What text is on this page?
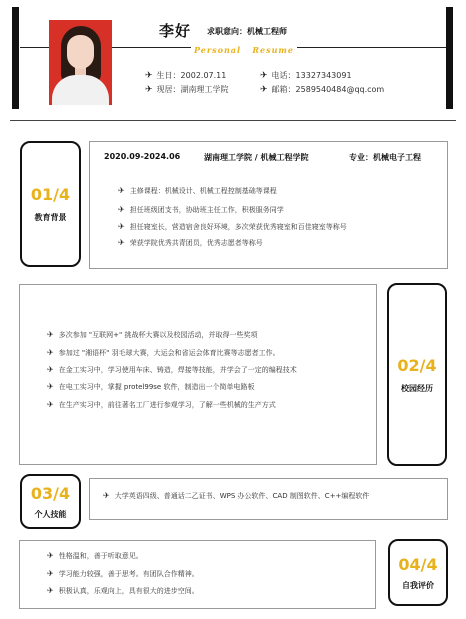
李好 求职意向：机械工程师
Personal   Resume
✈ 生日：2002.07.11	✈ 电话：13327343091
✈ 现居：湖南理工学院	✈ 邮箱：2589540484@qq.com
01/4
教育背景
2020.09-2024.06	湖南理工学院 / 机械工程学院	专业：机械电子工程
✈ 主修课程：机械设计、机械工程控制基础等课程
✈ 担任班级团支书，协助班主任工作，积极服务同学
✈ 担任寝室长，营造宿舍良好环境，多次荣获优秀寝室和百佳寝室等称号
✈ 荣获学院优秀共青团员，优秀志愿者等称号
02/4
校园经历
✈ 多次参加 "互联网+" 挑战杯大赛以及校园活动，并取得一些奖项
✈ 参加过 "湘语杯" 羽毛球大赛，大运会和省运会体育比赛等志愿者工作。
✈ 在金工实习中，学习使用车床、铸造，焊接等技能，并学会了一定的编程技术
✈ 在电工实习中，掌握 protel99se 软件，制造出一个简单电路板
✈ 在生产实习中，前往著名工厂进行参观学习，了解一些机械的生产方式
03/4
个人技能
✈ 大学英语四级、普通话二乙证书、WPS 办公软件、CAD 制图软件、C++编程软件
04/4
自我评价
✈ 性格温和，善于听取意见。
✈ 学习能力较强，善于思考。有团队合作精神。
✈ 积极认真，乐观向上，具有很大的进步空间。
